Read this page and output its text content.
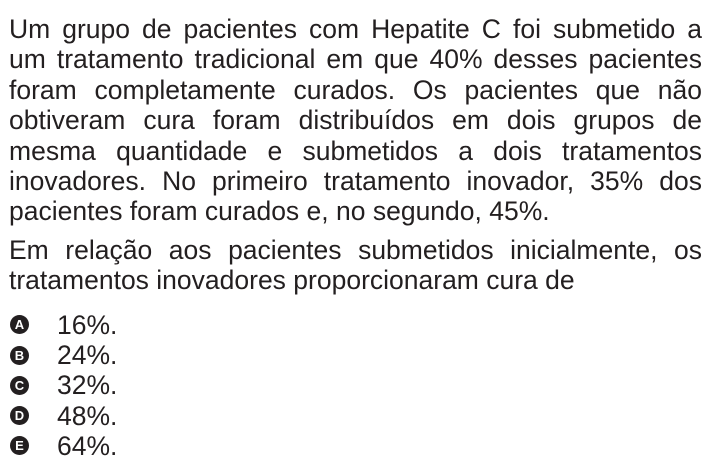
Um grupo de pacientes com Hepatite C foi submetido a um tratamento tradicional em que 40% desses pacientes foram completamente curados. Os pacientes que não obtiveram cura foram distribuídos em dois grupos de mesma quantidade e submetidos a dois tratamentos inovadores. No primeiro tratamento inovador, 35% dos pacientes foram curados e, no segundo, 45%.

Em relação aos pacientes submetidos inicialmente, os tratamentos inovadores proporcionaram cura de

A 16%.
B 24%.
C 32%.
D 48%.
E 64%.
